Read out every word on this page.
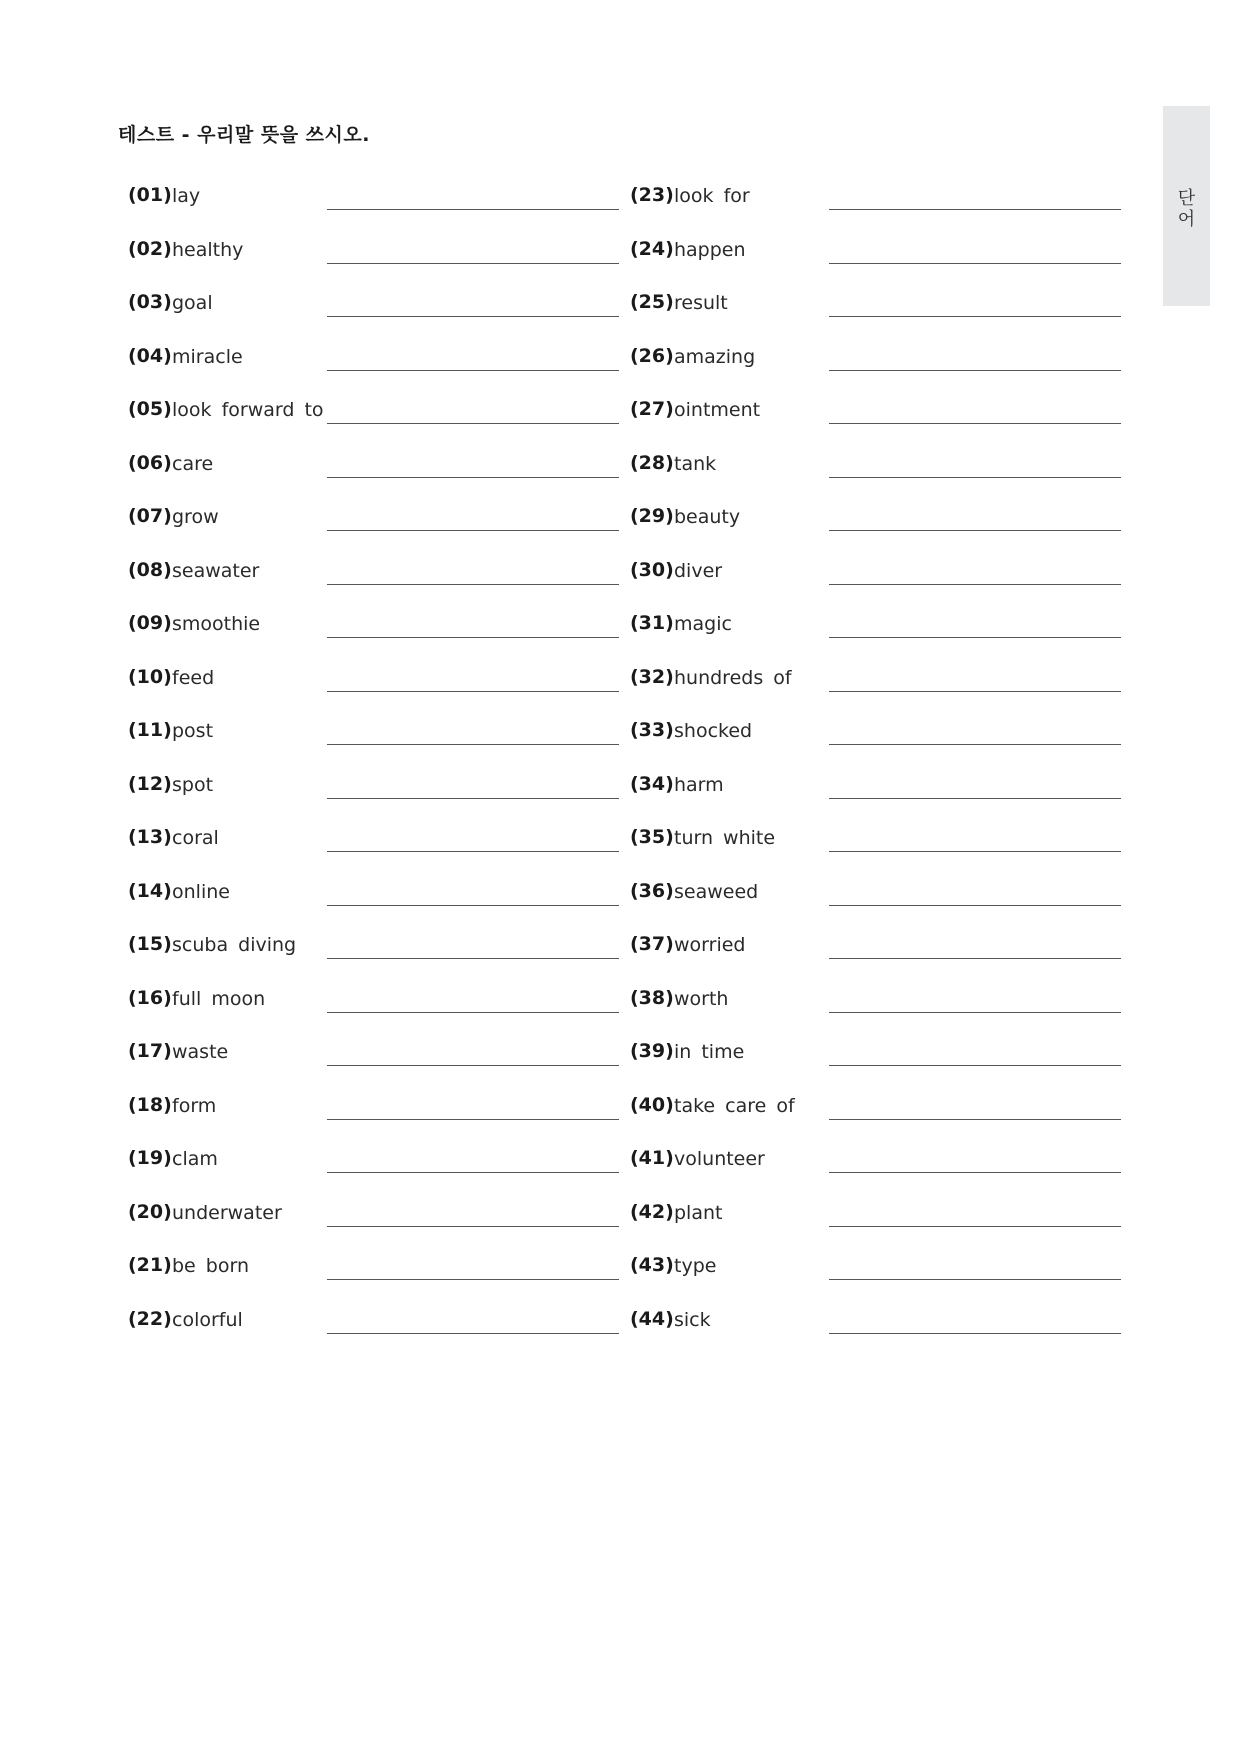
테스트 - 우리말 뜻을 쓰시오.
단어
(01) lay
(02) healthy
(03) goal
(04) miracle
(05) look forward to
(06) care
(07) grow
(08) seawater
(09) smoothie
(10) feed
(11) post
(12) spot
(13) coral
(14) online
(15) scuba diving
(16) full moon
(17) waste
(18) form
(19) clam
(20) underwater
(21) be born
(22) colorful
(23) look for
(24) happen
(25) result
(26) amazing
(27) ointment
(28) tank
(29) beauty
(30) diver
(31) magic
(32) hundreds of
(33) shocked
(34) harm
(35) turn white
(36) seaweed
(37) worried
(38) worth
(39) in time
(40) take care of
(41) volunteer
(42) plant
(43) type
(44) sick
